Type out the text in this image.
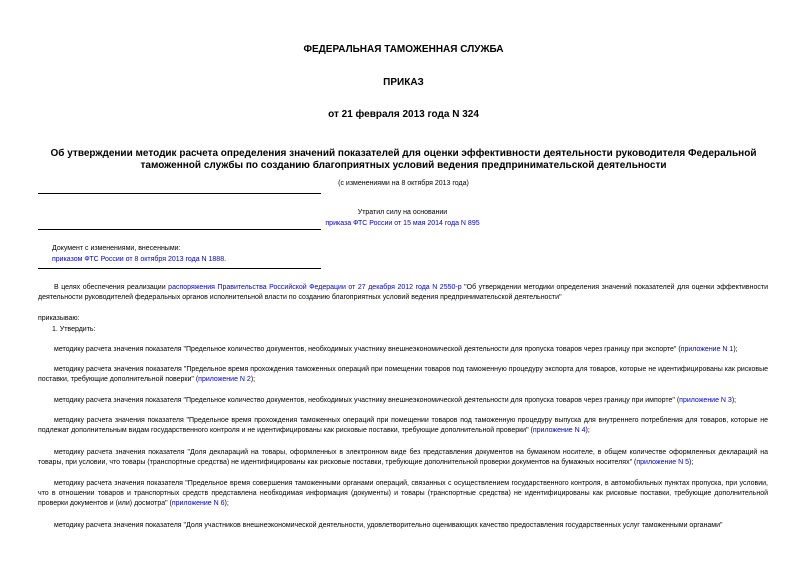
ФЕДЕРАЛЬНАЯ ТАМОЖЕННАЯ СЛУЖБА
ПРИКАЗ
от 21 февраля 2013 года N 324
Об утверждении методик расчета определения значений показателей для оценки эффективности деятельности руководителя Федеральной таможенной службы по созданию благоприятных условий ведения предпринимательской деятельности
(с изменениями на 8 октября 2013 года)
Утратил силу на основании
приказа ФТС России от 15 мая 2014 года N 895
Документ с изменениями, внесенными:
приказом ФТС России от 8 октября 2013 года N 1888.
В целях обеспечения реализации распоряжения Правительства Российской Федерации от 27 декабря 2012 года N 2550-р "Об утверждении методики определения значений показателей для оценки эффективности деятельности руководителей федеральных органов исполнительной власти по созданию благоприятных условий ведения предпринимательской деятельности"
приказываю:
1. Утвердить:
методику расчета значения показателя "Предельное количество документов, необходимых участнику внешнеэкономической деятельности для пропуска товаров через границу при экспорте" (приложение N 1);
методику расчета значения показателя "Предельное время прохождения таможенных операций при помещении товаров под таможенную процедуру экспорта для товаров, которые не идентифицированы как рисковые поставки, требующие дополнительной поверки" (приложение N 2);
методику расчета значения показателя "Предельное количество документов, необходимых участнику внешнеэкономической деятельности для пропуска товаров через границу при импорте" (приложение N 3);
методику расчета значения показателя "Предельное время прохождения таможенных операций при помещении товаров под таможенную процедуру выпуска для внутреннего потребления для товаров, которые не подлежат дополнительным видам государственного контроля и не идентифицированы как рисковые поставки, требующие дополнительной проверки" (приложение N 4);
методику расчета значения показателя "Доля деклараций на товары, оформленных в электронном виде без представления документов на бумажном носителе, в общем количестве оформленных деклараций на товары, при условии, что товары (транспортные средства) не идентифицированы как рисковые поставки, требующие дополнительной проверки документов на бумажных носителях" (приложение N 5);
методику расчета значения показателя "Предельное время совершения таможенными органами операций, связанных с осуществлением государственного контроля, в автомобильных пунктах пропуска, при условии, что в отношении товаров и транспортных средств представлена необходимая информация (документы) и товары (транспортные средства) не идентифицированы как рисковые поставки, требующие дополнительной проверки документов и (или) досмотра" (приложение N 6);
методику расчета значения показателя "Доля участников внешнеэкономической деятельности, удовлетворительно оценивающих качество предоставления государственных услуг таможенными органами"
